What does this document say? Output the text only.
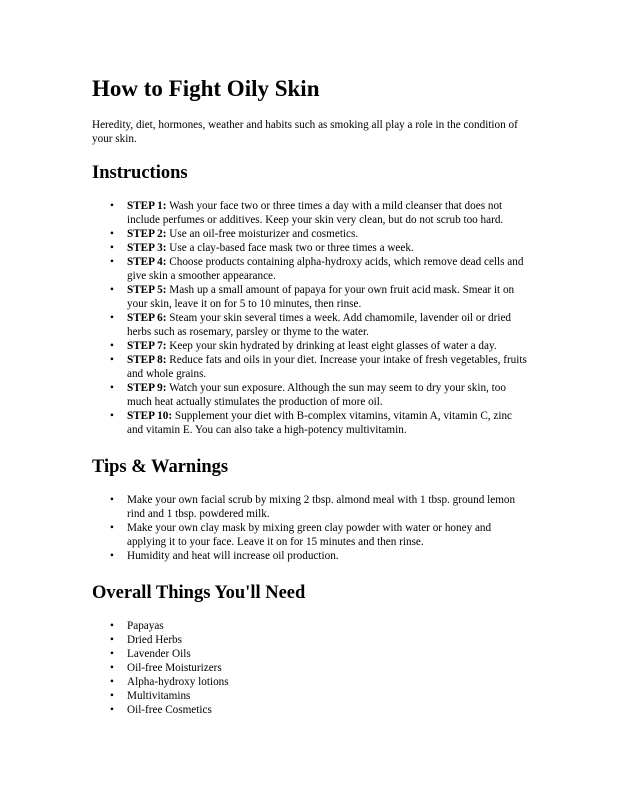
How to Fight Oily Skin

Heredity, diet, hormones, weather and habits such as smoking all play a role in the condition of your skin.

Instructions
• STEP 1: Wash your face two or three times a day with a mild cleanser that does not include perfumes or additives. Keep your skin very clean, but do not scrub too hard.
• STEP 2: Use an oil-free moisturizer and cosmetics.
• STEP 3: Use a clay-based face mask two or three times a week.
• STEP 4: Choose products containing alpha-hydroxy acids, which remove dead cells and give skin a smoother appearance.
• STEP 5: Mash up a small amount of papaya for your own fruit acid mask. Smear it on your skin, leave it on for 5 to 10 minutes, then rinse.
• STEP 6: Steam your skin several times a week. Add chamomile, lavender oil or dried herbs such as rosemary, parsley or thyme to the water.
• STEP 7: Keep your skin hydrated by drinking at least eight glasses of water a day.
• STEP 8: Reduce fats and oils in your diet. Increase your intake of fresh vegetables, fruits and whole grains.
• STEP 9: Watch your sun exposure. Although the sun may seem to dry your skin, too much heat actually stimulates the production of more oil.
• STEP 10: Supplement your diet with B-complex vitamins, vitamin A, vitamin C, zinc and vitamin E. You can also take a high-potency multivitamin.
Tips & Warnings
• Make your own facial scrub by mixing 2 tbsp. almond meal with 1 tbsp. ground lemon rind and 1 tbsp. powdered milk.
• Make your own clay mask by mixing green clay powder with water or honey and applying it to your face. Leave it on for 15 minutes and then rinse.
• Humidity and heat will increase oil production.
Overall Things You'll Need
• Papayas
• Dried Herbs
• Lavender Oils
• Oil-free Moisturizers
• Alpha-hydroxy lotions
• Multivitamins
• Oil-free Cosmetics
